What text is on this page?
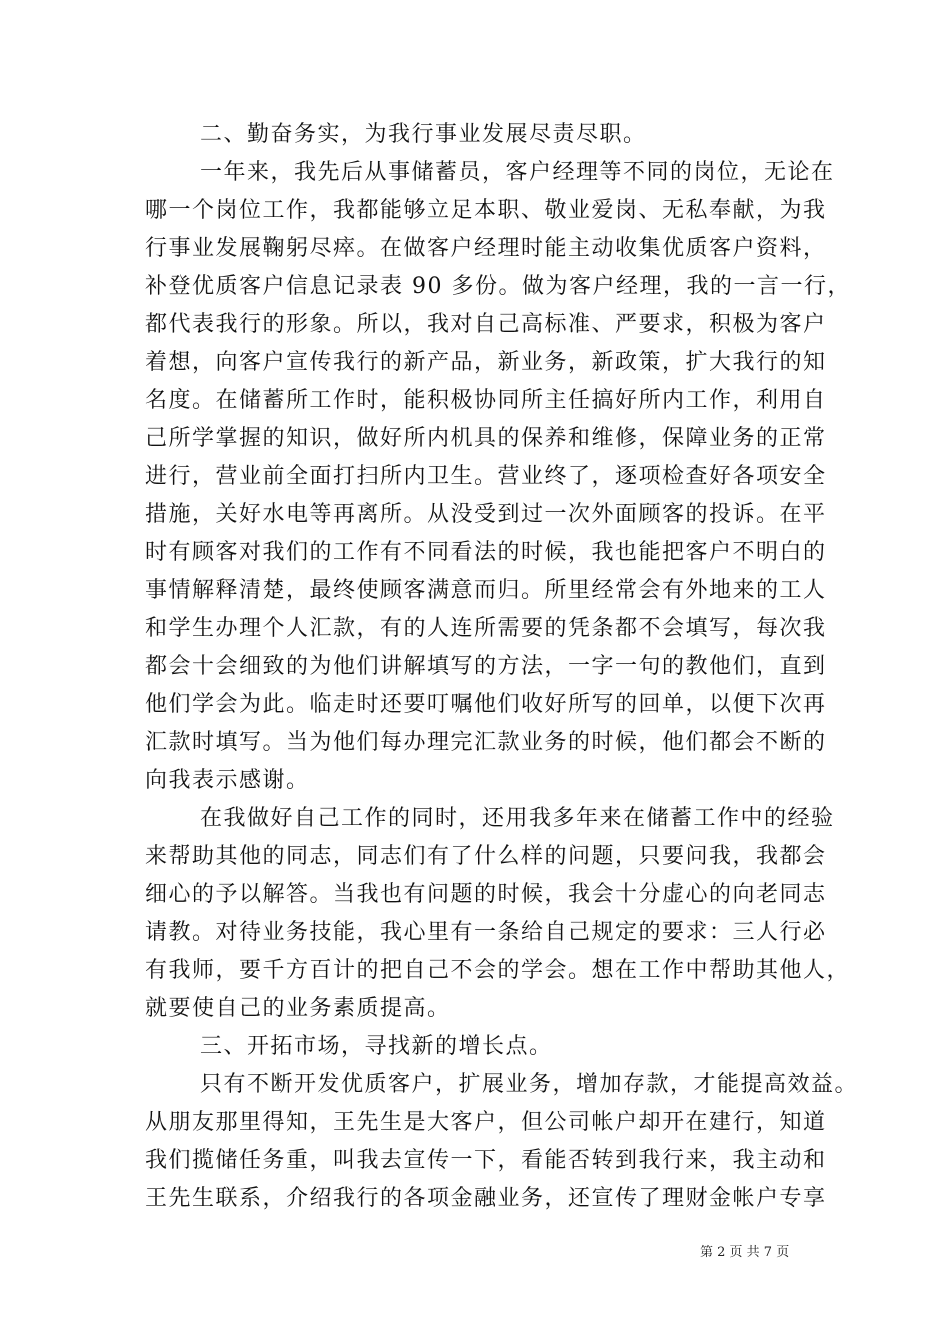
二、勤奋务实，为我行事业发展尽责尽职。
一年来，我先后从事储蓄员，客户经理等不同的岗位，无论在
哪一个岗位工作，我都能够立足本职、敬业爱岗、无私奉献，为我
行事业发展鞠躬尽瘁。在做客户经理时能主动收集优质客户资料，
补登优质客户信息记录表 90 多份。做为客户经理，我的一言一行，
都代表我行的形象。所以，我对自己高标准、严要求，积极为客户
着想，向客户宣传我行的新产品，新业务，新政策，扩大我行的知
名度。在储蓄所工作时，能积极协同所主任搞好所内工作，利用自
己所学掌握的知识，做好所内机具的保养和维修，保障业务的正常
进行，营业前全面打扫所内卫生。营业终了，逐项检查好各项安全
措施，关好水电等再离所。从没受到过一次外面顾客的投诉。在平
时有顾客对我们的工作有不同看法的时候，我也能把客户不明白的
事情解释清楚，最终使顾客满意而归。所里经常会有外地来的工人
和学生办理个人汇款，有的人连所需要的凭条都不会填写，每次我
都会十会细致的为他们讲解填写的方法，一字一句的教他们，直到
他们学会为此。临走时还要叮嘱他们收好所写的回单，以便下次再
汇款时填写。当为他们每办理完汇款业务的时候，他们都会不断的
向我表示感谢。
在我做好自己工作的同时，还用我多年来在储蓄工作中的经验
来帮助其他的同志，同志们有了什么样的问题，只要问我，我都会
细心的予以解答。当我也有问题的时候，我会十分虚心的向老同志
请教。对待业务技能，我心里有一条给自己规定的要求：三人行必
有我师，要千方百计的把自己不会的学会。想在工作中帮助其他人，
就要使自己的业务素质提高。
三、开拓市场，寻找新的增长点。
只有不断开发优质客户，扩展业务，增加存款，才能提高效益。
从朋友那里得知，王先生是大客户，但公司帐户却开在建行，知道
我们揽储任务重，叫我去宣传一下，看能否转到我行来，我主动和
王先生联系，介绍我行的各项金融业务，还宣传了理财金帐户专享
第 2 页 共 7 页
